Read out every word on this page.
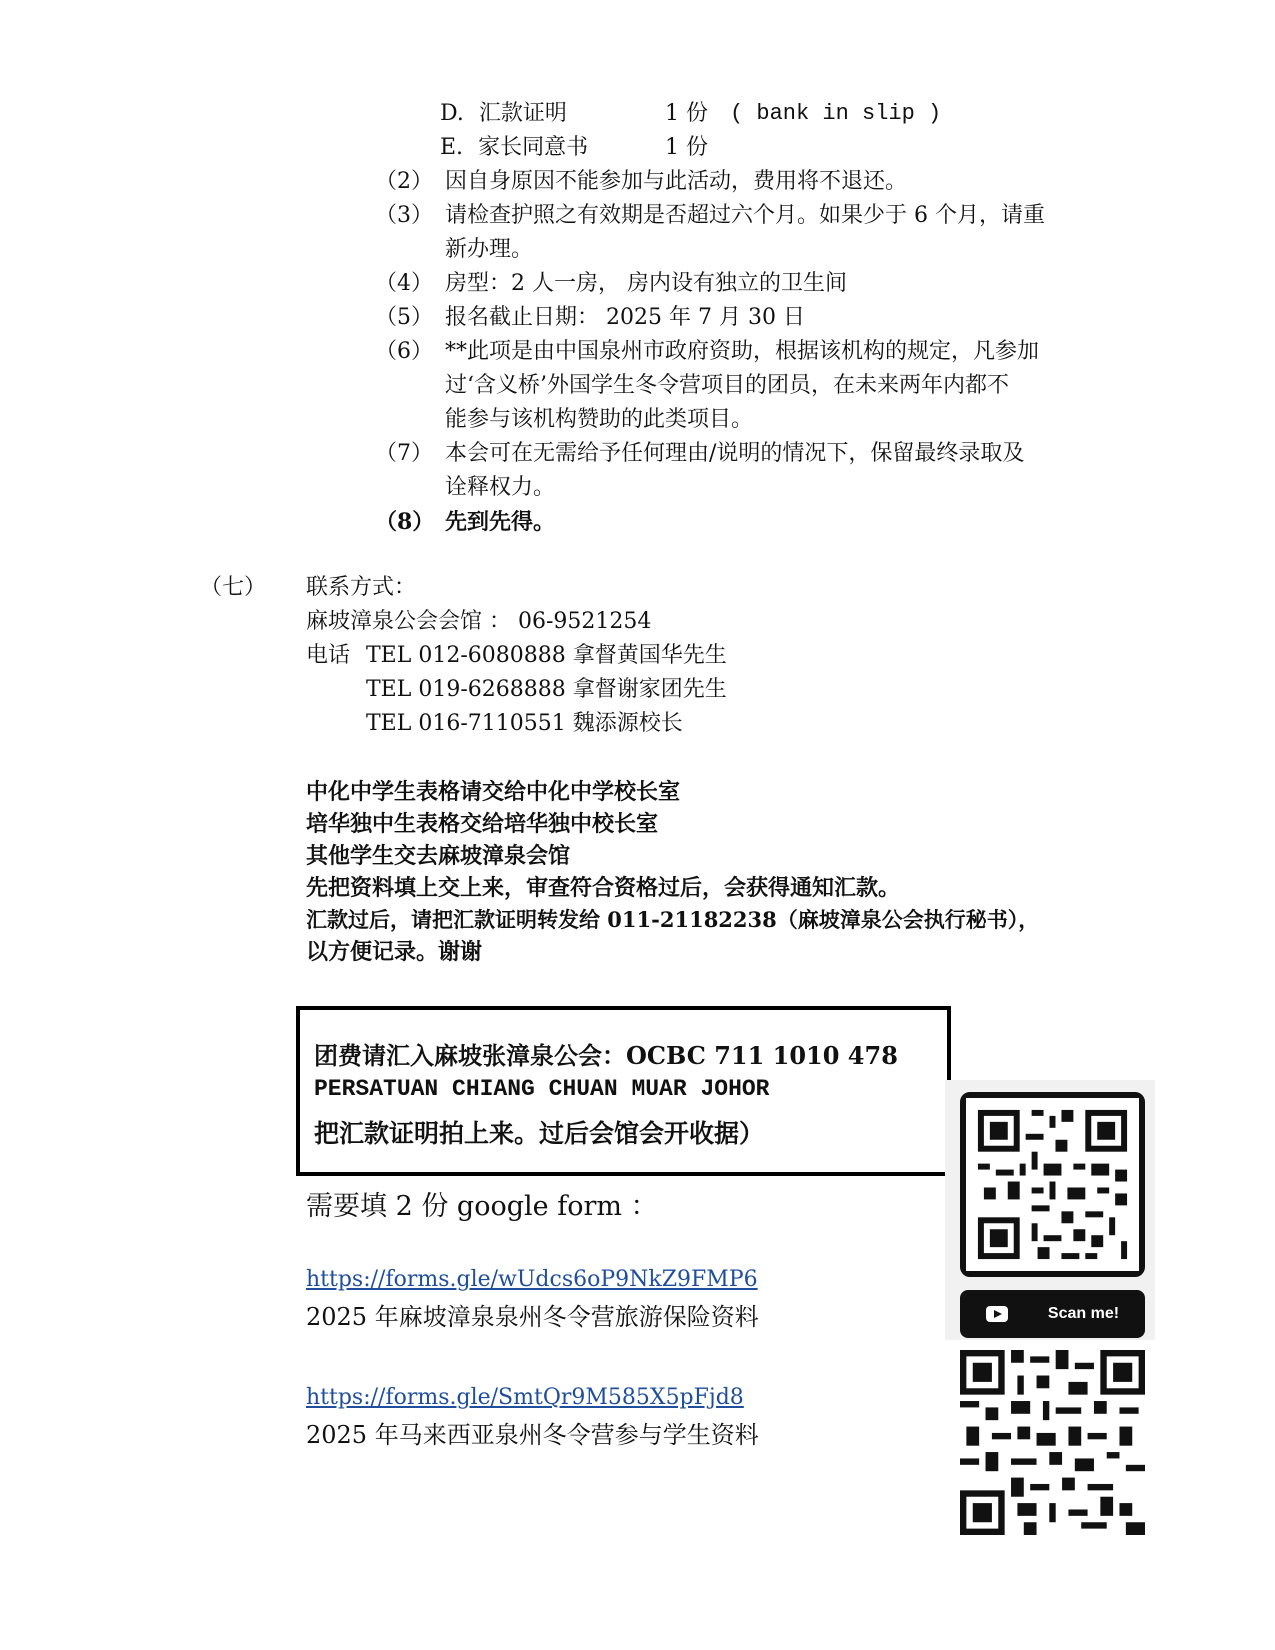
D. 汇款证明	1 份 ( bank in slip )
E. 家长同意书	1 份
（2） 因自身原因不能参加与此活动，费用将不退还。
（3） 请检查护照之有效期是否超过六个月。如果少于 6 个月，请重
新办理。
（4） 房型：2 人一房， 房内设有独立的卫生间
（5） 报名截止日期： 2025 年 7 月 30 日
（6） **此项是由中国泉州市政府资助，根据该机构的规定，凡参加
过‘含义桥’外国学生冬令营项目的团员，在未来两年内都不
能参与该机构赞助的此类项目。
（7） 本会可在无需给予任何理由/说明的情况下，保留最终录取及
诠释权力。
（8） 先到先得。
（七） 联系方式：
麻坡漳泉公会会馆 ： 06-9521254
电话 TEL 012-6080888 拿督黄国华先生
TEL 019-6268888 拿督谢家团先生
TEL 016-7110551 魏添源校长
中化中学生表格请交给中化中学校长室
培华独中生表格交给培华独中校长室
其他学生交去麻坡漳泉会馆
先把资料填上交上来，审查符合资格过后，会获得通知汇款。
汇款过后，请把汇款证明转发给 011-21182238（麻坡漳泉公会执行秘书），
以方便记录。谢谢
团费请汇入麻坡张漳泉公会：OCBC 711 1010 478
PERSATUAN CHIANG CHUAN MUAR JOHOR
把汇款证明拍上来。过后会馆会开收据）
需要填 2 份 google form ：
https://forms.gle/wUdcs6oP9NkZ9FMP6
2025 年麻坡漳泉泉州冬令营旅游保险资料
https://forms.gle/SmtQr9M585X5pFjd8
2025 年马来西亚泉州冬令营参与学生资料
Scan me!
